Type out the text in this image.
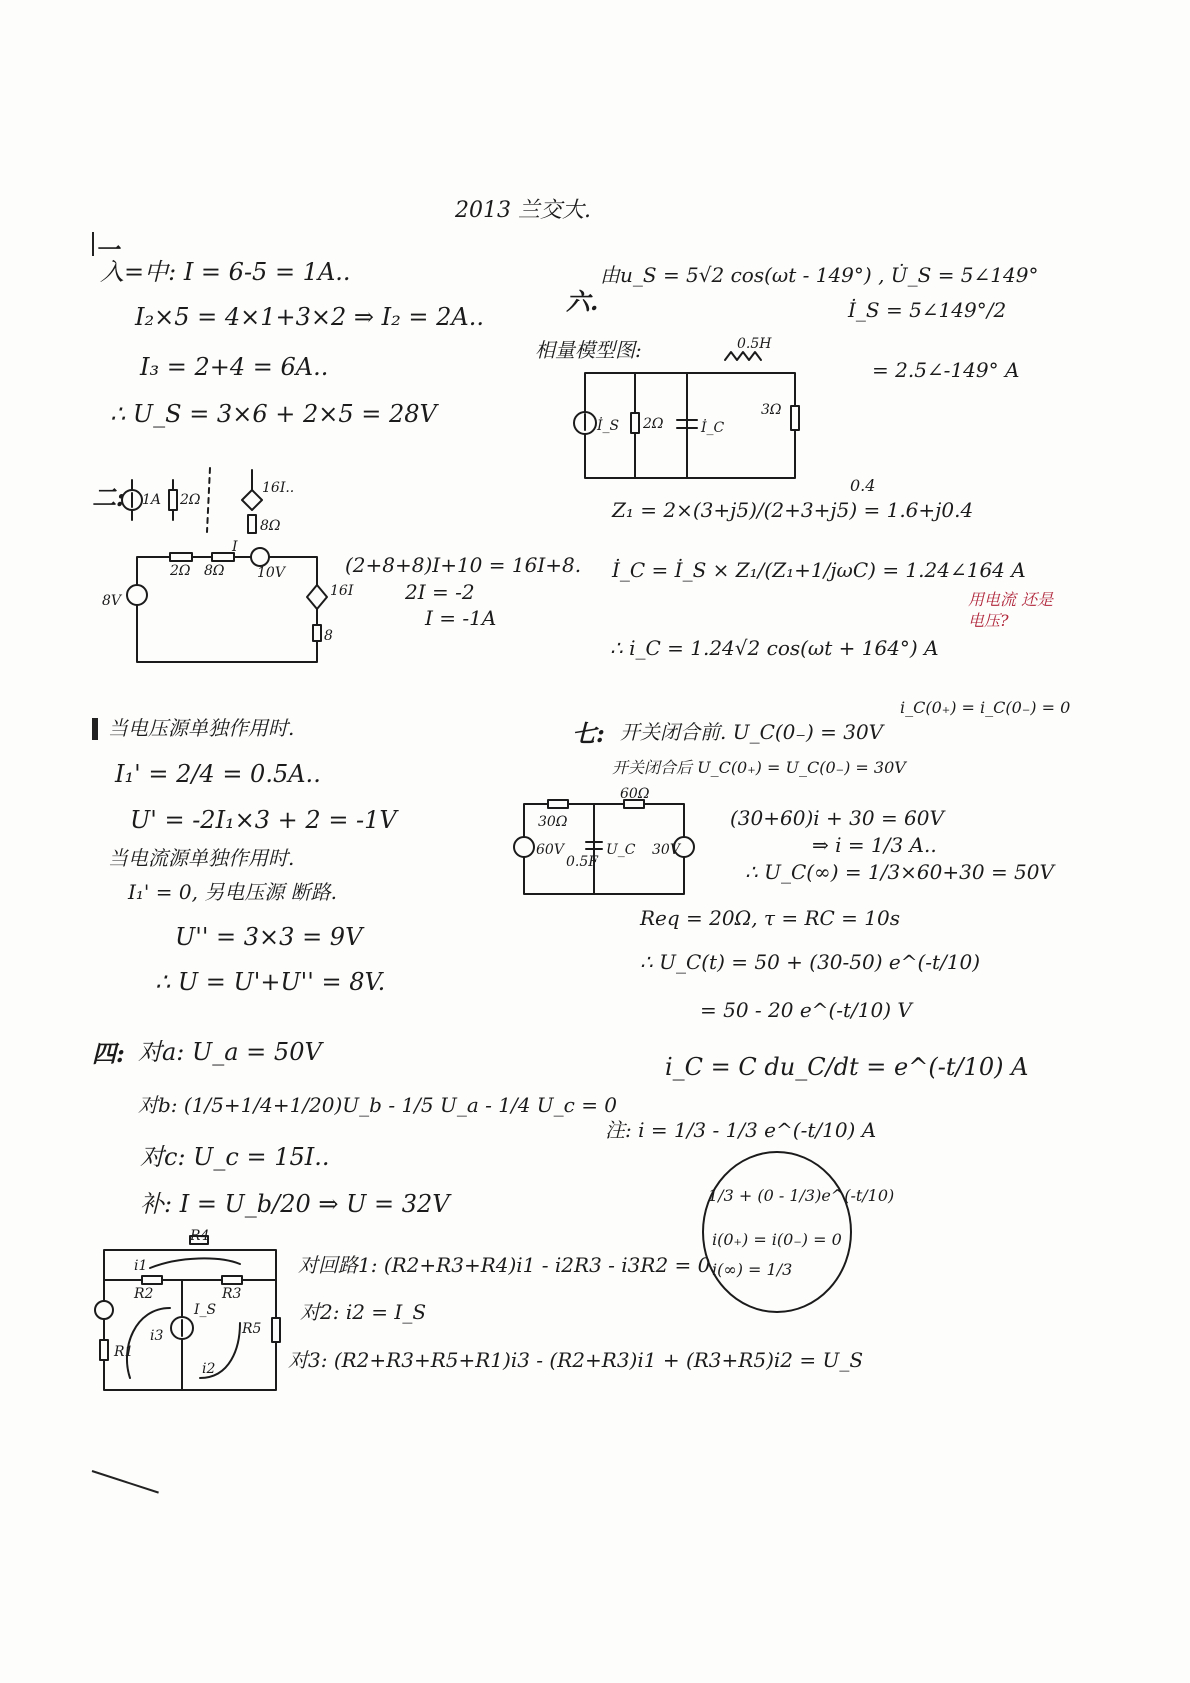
2013 兰交大.
一
入=中: I = 6-5 = 1A..
I₂×5 = 4×1+3×2 ⇒ I₂ = 2A..
I₃ = 2+4 = 6A..
∴ U_S = 3×6 + 2×5 = 28V
二: 1A 2Ω
16I..
8Ω
8V
2Ω 8Ω
I
10V
16I
8
(2+8+8)I+10 = 16I+8.
2I = -2
I = -1A
当电压源单独作用时.
I₁' = 2/4 = 0.5A..
U' = -2I₁×3 + 2 = -1V
当电流源单独作用时.
I₁' = 0, 另电压源 断路.
U'' = 3×3 = 9V
∴ U = U'+U'' = 8V.
四: 对a: U_a = 50V
对b: (1/5+1/4+1/20)U_b - 1/5 U_a - 1/4 U_c = 0
对c: U_c = 15I..
补: I = U_b/20 ⇒ U = 32V
R4
i1
R2
i3
I_S
R3
R5
R1
i2
对回路1: (R2+R3+R4)i1 - i2R3 - i3R2 = 0
对2: i2 = I_S
对3: (R2+R3+R5+R1)i3 - (R2+R3)i1 + (R3+R5)i2 = U_S
六.
由u_S = 5√2 cos(ωt - 149°) , U̇_S = 5∠149°
相量模型图:
İ_S = 5∠149°/2
= 2.5∠-149° A
İ_S 2Ω	İ_C
3Ω
0.5H
0.4
Z₁ = 2×(3+j5)/(2+3+j5) = 1.6+j0.4
İ_C = İ_S × Z₁/(Z₁+1/jωC) = 1.24∠164 A
用电流 还是 电压?
∴ i_C = 1.24√2 cos(ωt + 164°) A
七: 开关闭合前. U_C(0₋) = 30V
开关闭合后 U_C(0₊) = U_C(0₋) = 30V
i_C(0₊) = i_C(0₋) = 0
30Ω
60Ω
60V
0.5F
U_C 30V
(30+60)i + 30 = 60V
⇒ i = 1/3 A..
∴ U_C(∞) = 1/3×60+30 = 50V
Req = 20Ω, τ = RC = 10s
∴ U_C(t) = 50 + (30-50) e^(-t/10)
= 50 - 20 e^(-t/10) V
i_C = C du_C/dt = e^(-t/10) A
注: i = 1/3 - 1/3 e^(-t/10) A
1/3 + (0 - 1/3)e^(-t/10)
i(0₊) = i(0₋) = 0
i(∞) = 1/3
